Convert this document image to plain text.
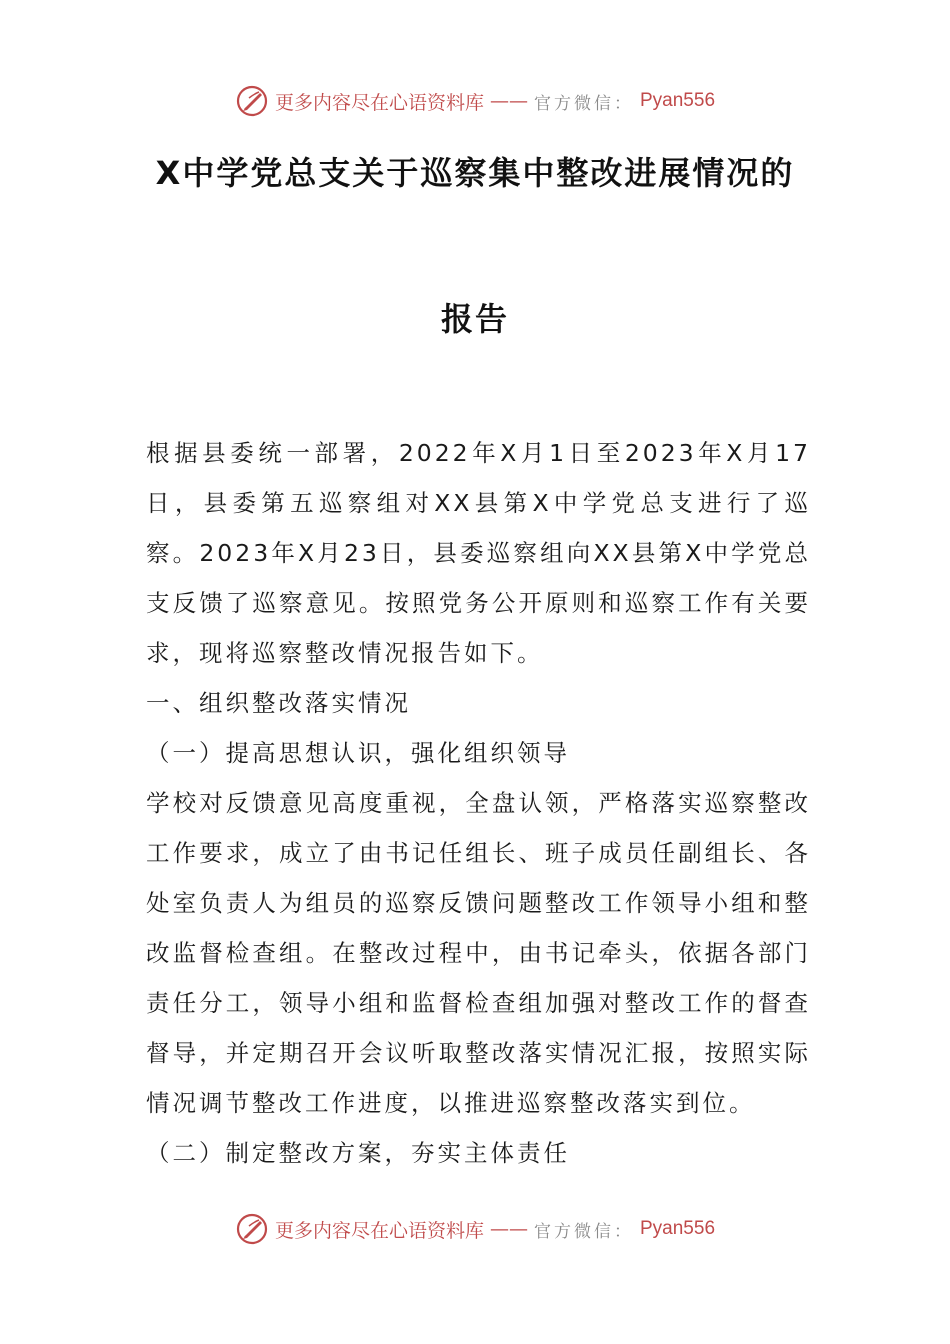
更多内容尽在心语资料库 —— 官方微信： Pyan556
X中学党总支关于巡察集中整改进展情况的
报告

根据县委统一部署，2022年X月1日至2023年X月17日，县委第五巡察组对XX县第X中学党总支进行了巡察。2023年X月23日，县委巡察组向XX县第X中学党总支反馈了巡察意见。按照党务公开原则和巡察工作有关要求，现将巡察整改情况报告如下。

一、组织整改落实情况

（一）提高思想认识，强化组织领导

学校对反馈意见高度重视，全盘认领，严格落实巡察整改工作要求，成立了由书记任组长、班子成员任副组长、各处室负责人为组员的巡察反馈问题整改工作领导小组和整改监督检查组。在整改过程中，由书记牵头，依据各部门责任分工，领导小组和监督检查组加强对整改工作的督查督导，并定期召开会议听取整改落实情况汇报，按照实际情况调节整改工作进度，以推进巡察整改落实到位。

（二）制定整改方案，夯实主体责任

更多内容尽在心语资料库 —— 官方微信： Pyan556
